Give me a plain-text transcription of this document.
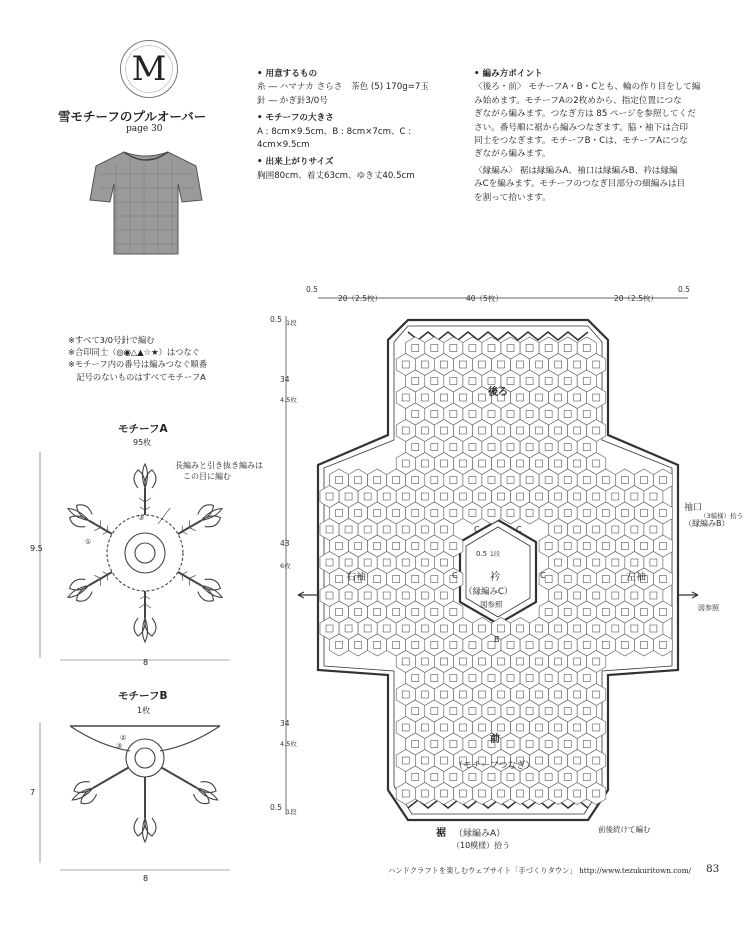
M
雪モチーフのプルオーバー
page 30

• 用意するもの

糸 ― ハマナカ さらさ　茶色 (5) 170g=7玉

針 ― かぎ針3/0号

• モチーフの大きさ

A : 8cm×9.5cm、B : 8cm×7cm、C : 4cm×9.5cm

• 出来上がりサイズ

胸囲80cm、着丈63cm、ゆき丈40.5cm

• 編み方ポイント

〈後ろ・前〉 モチーフA・B・Cとも、輪の作り目をして編

み始めます。モチーフAの2枚めから、指定位置につな

ぎながら編みます。つなぎ方は 85 ページを参照してくだ

さい。番号順に裾から編みつなぎます。脇・袖下は合印

同士をつなぎます。モチーフB・Cは、モチーフAにつな

ぎながら編みます。

〈縁編み〉 裾は縁編みA、袖口は縁編みB、衿は縁編

みCを編みます。モチーフのつなぎ目部分の細編みは目

を割って拾います。

※すべて3/0号針で編む

※合印同士（◎◉△▲☆★）はつなぐ

※モチーフ内の番号は編みつなぐ順番

　記号のないものはすべてモチーフA

モチーフA
95枚
長編みと引き抜き編みは
この目に編む
9.5
8
①
③
モチーフB
1枚
7
8
②
③
0.5
20（2.5枚）	40（5枚）	20（2.5枚）
0.5
0.5 1段
34
4.5枚
43
6枚
34
4.5枚
0.5 1段
0.5 1段
後ろ
前
（モチーフつなぎ）
右袖	左袖
衿
（縁編みC）
図参照
袖口
（縁編みB）
（3模様）拾う
図参照
裾 （縁編みA）
（10模様）拾う
前後続けて編む
C	C
C	C
B
ハンドクラフトを楽しむウェブサイト「手づくりタウン」 http://www.tezukuritown.com/ 83
